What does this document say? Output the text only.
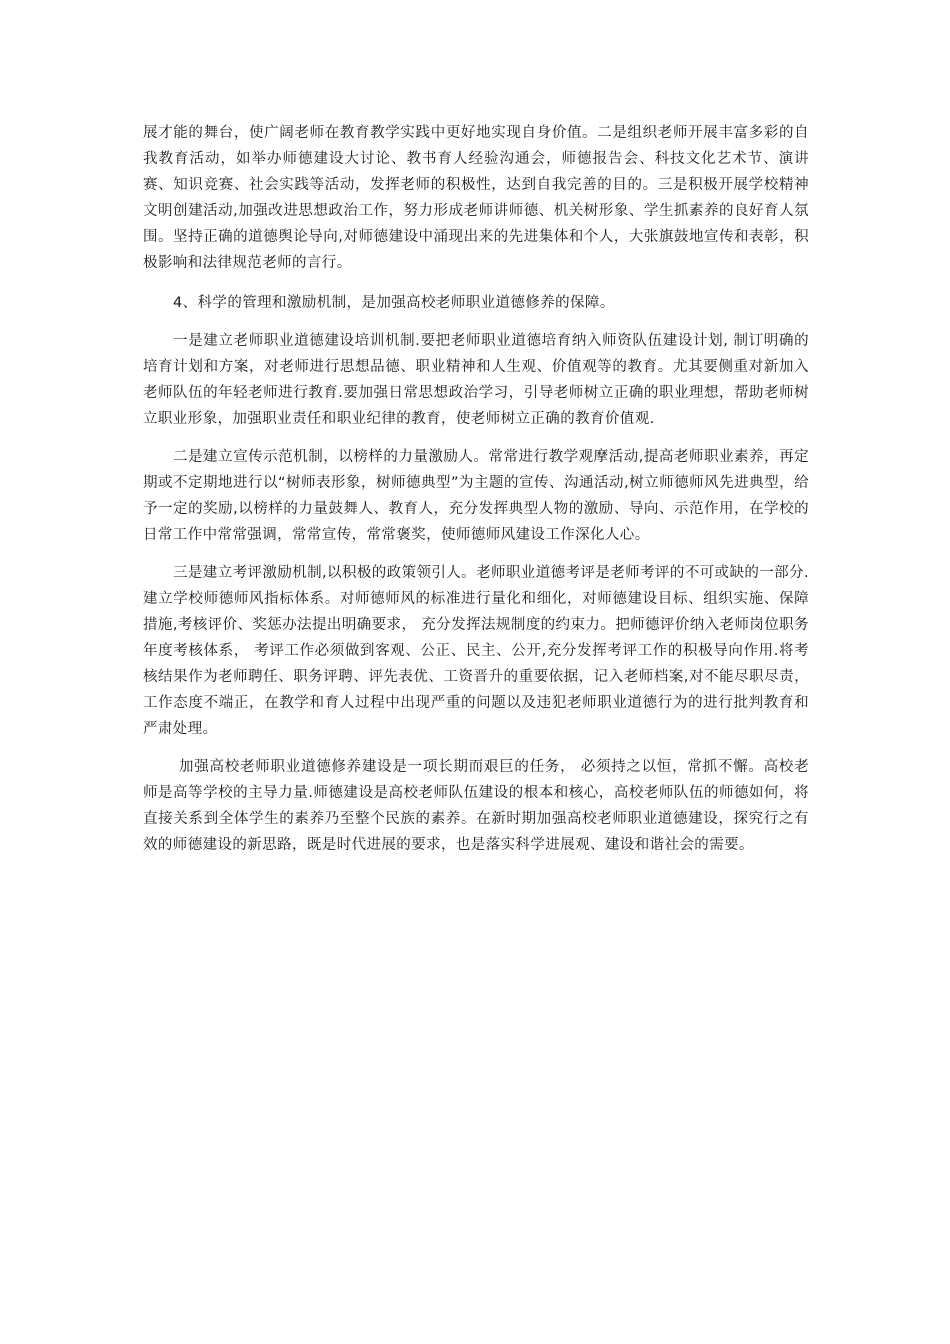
展才能的舞台，使广阔老师在教育教学实践中更好地实现自身价值。二是组织老师开展丰富多彩的自我教育活动，如举办师德建设大讨论、教书育人经验沟通会，师德报告会、科技文化艺术节、演讲赛、知识竞赛、社会实践等活动，发挥老师的积极性，达到自我完善的目的。三是积极开展学校精神文明创建活动,加强改进思想政治工作，努力形成老师讲师德、机关树形象、学生抓素养的良好育人氛围。坚持正确的道德舆论导向,对师德建设中涌现出来的先进集体和个人，大张旗鼓地宣传和表彰，积极影响和法律规范老师的言行。

4、科学的管理和激励机制，是加强高校老师职业道德修养的保障。

一是建立老师职业道德建设培训机制.要把老师职业道德培育纳入师资队伍建设计划, 制订明确的培育计划和方案，对老师进行思想品德、职业精神和人生观、价值观等的教育。尤其要侧重对新加入老师队伍的年轻老师进行教育.要加强日常思想政治学习，引导老师树立正确的职业理想，帮助老师树立职业形象，加强职业责任和职业纪律的教育，使老师树立正确的教育价值观.

二是建立宣传示范机制，以榜样的力量激励人。常常进行教学观摩活动,提高老师职业素养，再定期或不定期地进行以“树师表形象，树师德典型”为主题的宣传、沟通活动,树立师德师风先进典型，给予一定的奖励,以榜样的力量鼓舞人、教育人，充分发挥典型人物的激励、导向、示范作用，在学校的日常工作中常常强调，常常宣传，常常褒奖，使师德师风建设工作深化人心。

三是建立考评激励机制,以积极的政策领引人。老师职业道德考评是老师考评的不可或缺的一部分.建立学校师德师风指标体系。对师德师风的标准进行量化和细化，对师德建设目标、组织实施、保障措施,考核评价、奖惩办法提出明确要求， 充分发挥法规制度的约束力。把师德评价纳入老师岗位职务年度考核体系， 考评工作必须做到客观、公正、民主、公开,充分发挥考评工作的积极导向作用.将考核结果作为老师聘任、职务评聘、评先表优、工资晋升的重要依据，记入老师档案,对不能尽职尽责，工作态度不端正，在教学和育人过程中出现严重的问题以及违犯老师职业道德行为的进行批判教育和严肃处理。

加强高校老师职业道德修养建设是一项长期而艰巨的任务， 必须持之以恒，常抓不懈。高校老师是高等学校的主导力量.师德建设是高校老师队伍建设的根本和核心，高校老师队伍的师德如何，将直接关系到全体学生的素养乃至整个民族的素养。在新时期加强高校老师职业道德建设，探究行之有效的师德建设的新思路，既是时代进展的要求，也是落实科学进展观、建设和谐社会的需要。
